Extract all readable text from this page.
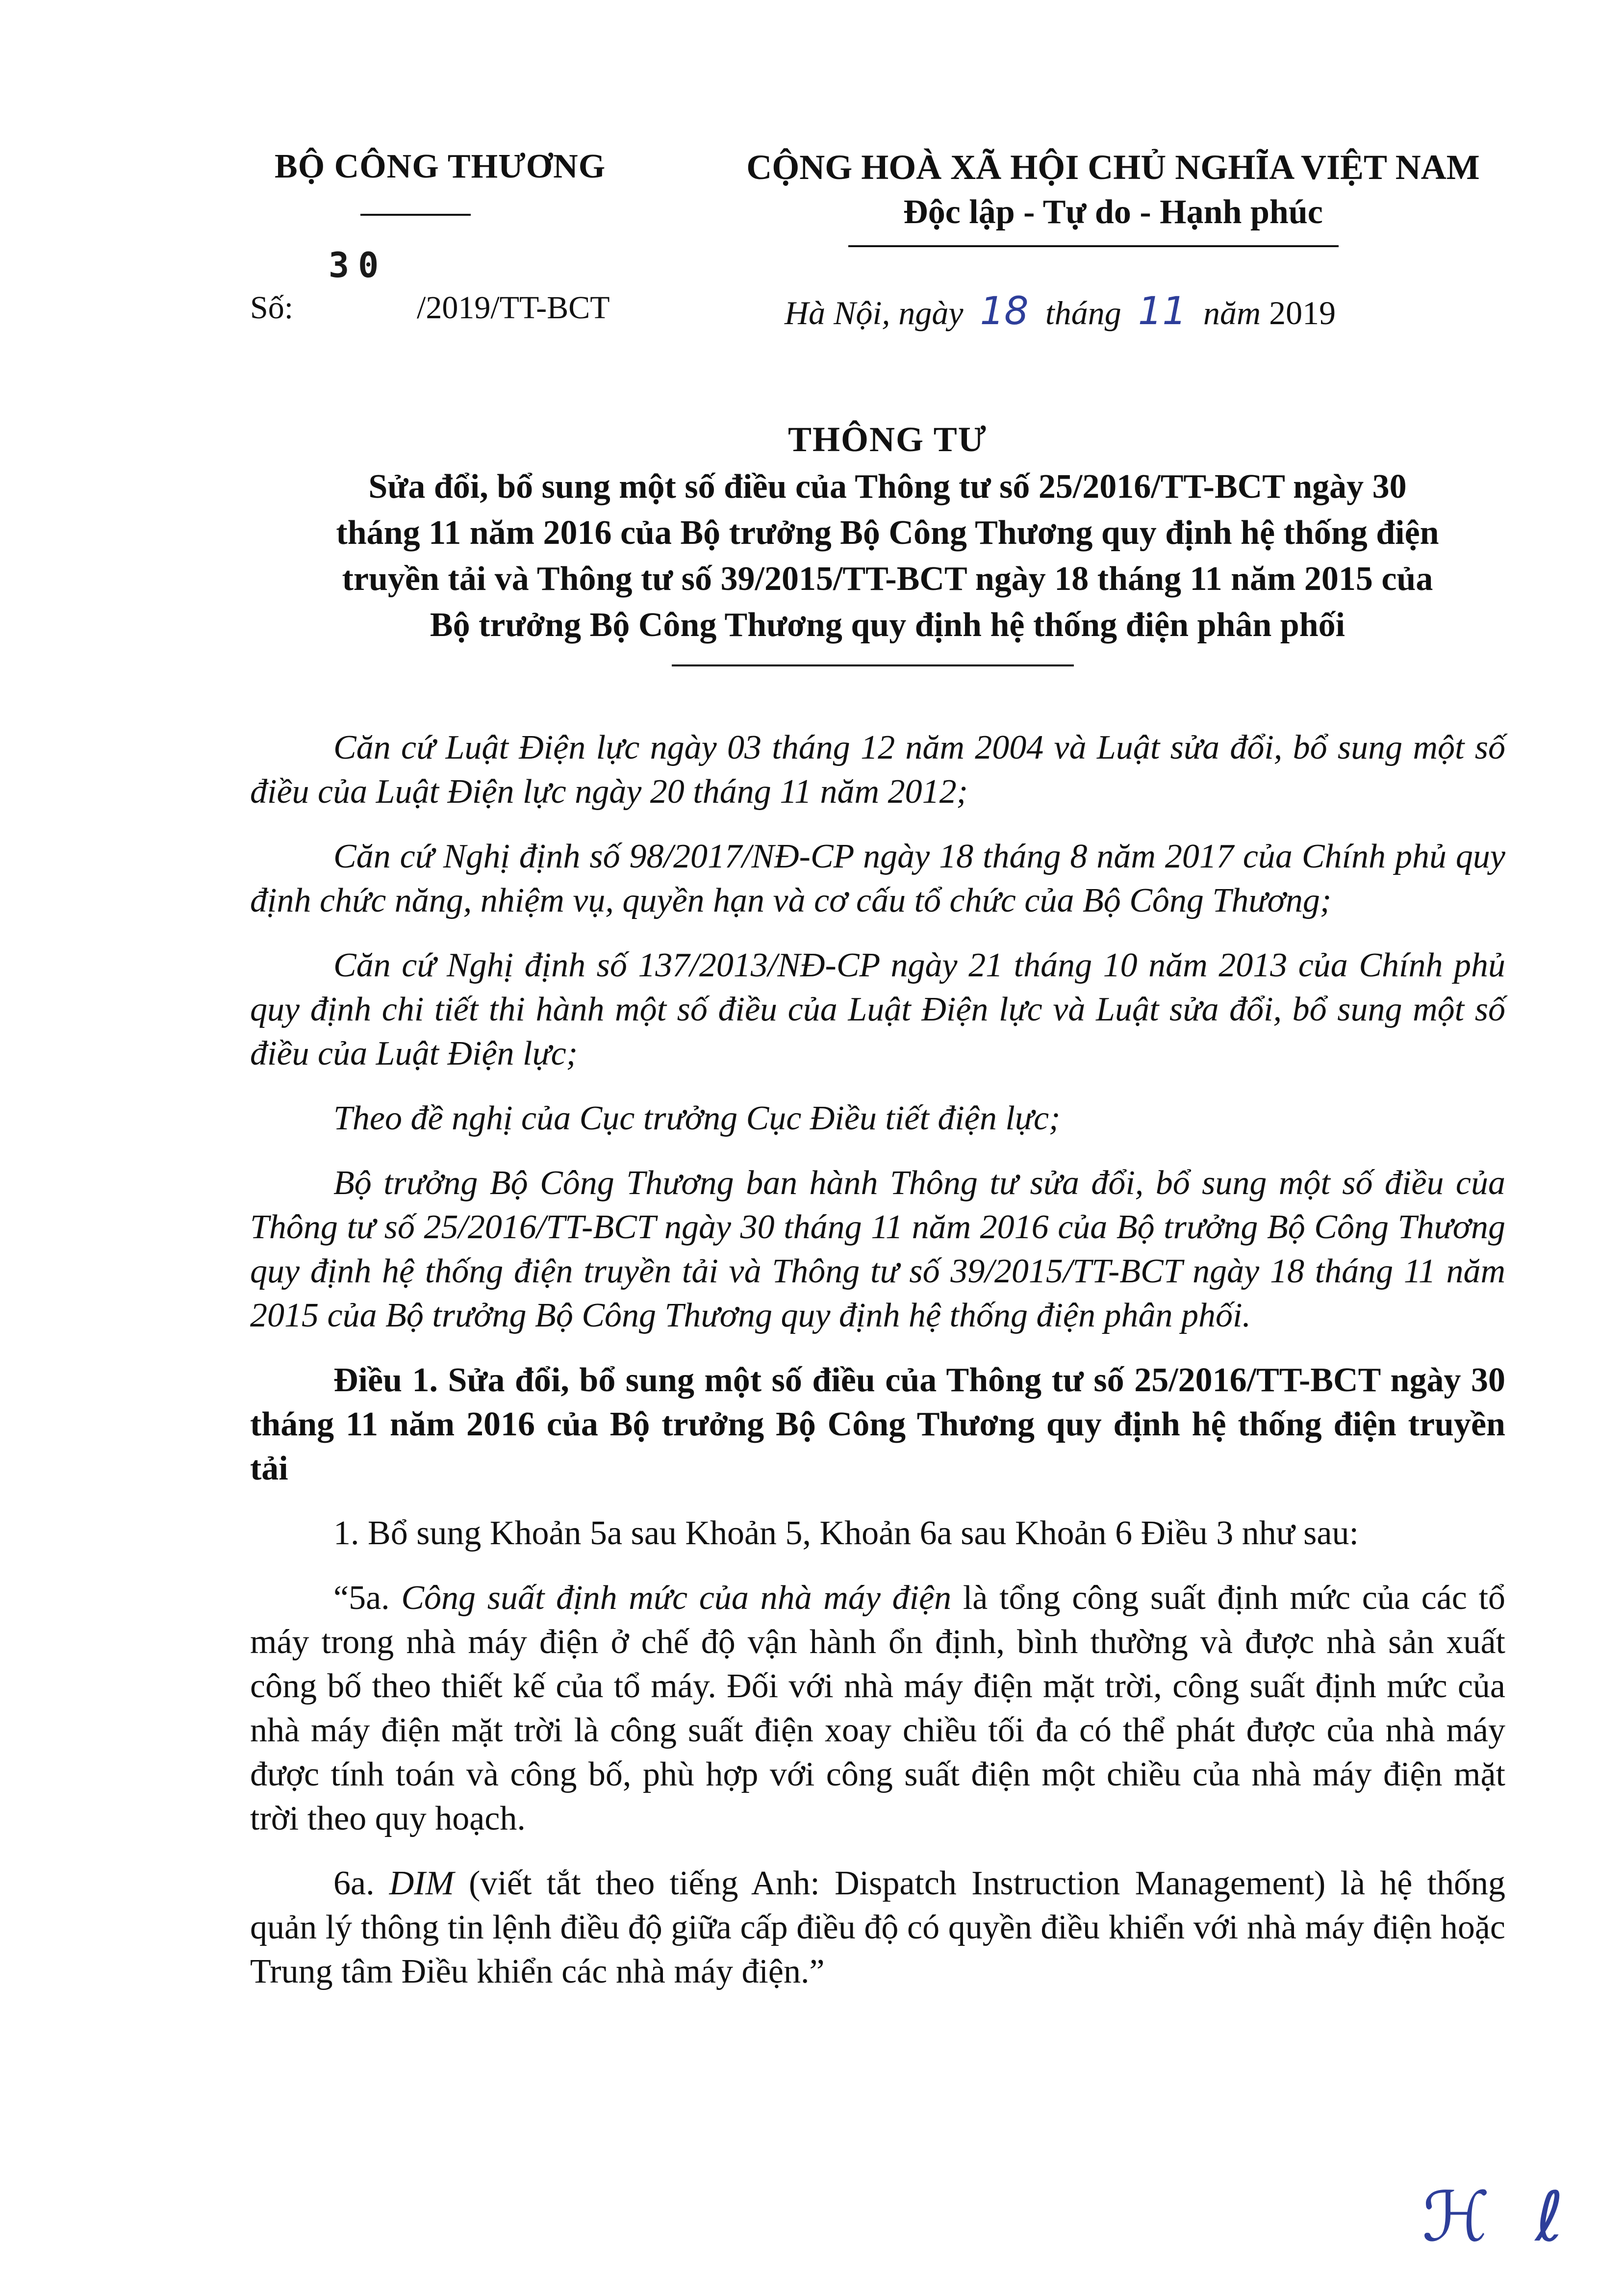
BỘ CÔNG THƯƠNG	CỘNG HOÀ XÃ HỘI CHỦ NGHĨA VIỆT NAM
Độc lập - Tự do - Hạnh phúc
30
Số:	/2019/TT-BCT	Hà Nội, ngày 18 tháng 11 năm 2019
THÔNG TƯ
Sửa đổi, bổ sung một số điều của Thông tư số 25/2016/TT-BCT ngày 30
tháng 11 năm 2016 của Bộ trưởng Bộ Công Thương quy định hệ thống điện
truyền tải và Thông tư số 39/2015/TT-BCT ngày 18 tháng 11 năm 2015 của
Bộ trưởng Bộ Công Thương quy định hệ thống điện phân phối

Căn cứ Luật Điện lực ngày 03 tháng 12 năm 2004 và Luật sửa đổi, bổ sung một số điều của Luật Điện lực ngày 20 tháng 11 năm 2012;

Căn cứ Nghị định số 98/2017/NĐ-CP ngày 18 tháng 8 năm 2017 của Chính phủ quy định chức năng, nhiệm vụ, quyền hạn và cơ cấu tổ chức của Bộ Công Thương;

Căn cứ Nghị định số 137/2013/NĐ-CP ngày 21 tháng 10 năm 2013 của Chính phủ quy định chi tiết thi hành một số điều của Luật Điện lực và Luật sửa đổi, bổ sung một số điều của Luật Điện lực;

Theo đề nghị của Cục trưởng Cục Điều tiết điện lực;

Bộ trưởng Bộ Công Thương ban hành Thông tư sửa đổi, bổ sung một số điều của Thông tư số 25/2016/TT-BCT ngày 30 tháng 11 năm 2016 của Bộ trưởng Bộ Công Thương quy định hệ thống điện truyền tải và Thông tư số 39/2015/TT-BCT ngày 18 tháng 11 năm 2015 của Bộ trưởng Bộ Công Thương quy định hệ thống điện phân phối.

Điều 1. Sửa đổi, bổ sung một số điều của Thông tư số 25/2016/TT-BCT ngày 30 tháng 11 năm 2016 của Bộ trưởng Bộ Công Thương quy định hệ thống điện truyền tải

1. Bổ sung Khoản 5a sau Khoản 5, Khoản 6a sau Khoản 6 Điều 3 như sau:

“5a. Công suất định mức của nhà máy điện là tổng công suất định mức của các tổ máy trong nhà máy điện ở chế độ vận hành ổn định, bình thường và được nhà sản xuất công bố theo thiết kế của tổ máy. Đối với nhà máy điện mặt trời, công suất định mức của nhà máy điện mặt trời là công suất điện xoay chiều tối đa có thể phát được của nhà máy được tính toán và công bố, phù hợp với công suất điện một chiều của nhà máy điện mặt trời theo quy hoạch.

6a. DIM (viết tắt theo tiếng Anh: Dispatch Instruction Management) là hệ thống quản lý thông tin lệnh điều độ giữa cấp điều độ có quyền điều khiển với nhà máy điện hoặc Trung tâm Điều khiển các nhà máy điện.”

ℋ ℓ
